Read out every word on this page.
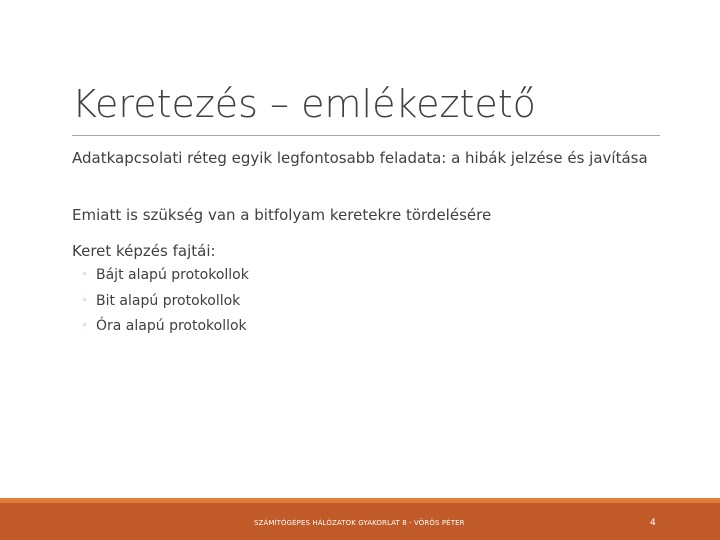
Keretezés – emlékeztető

Adatkapcsolati réteg egyik legfontosabb feladata: a hibák jelzése és javítása

Emiatt is szükség van a bitfolyam keretekre tördelésére

Keret képzés fajtái:

◦ Bájt alapú protokollok
◦ Bit alapú protokollok
◦ Óra alapú protokollok
SZÁMÍTÓGÉPES HÁLÓZATOK GYAKORLAT 8 - VÖRÖS PÉTER	4
